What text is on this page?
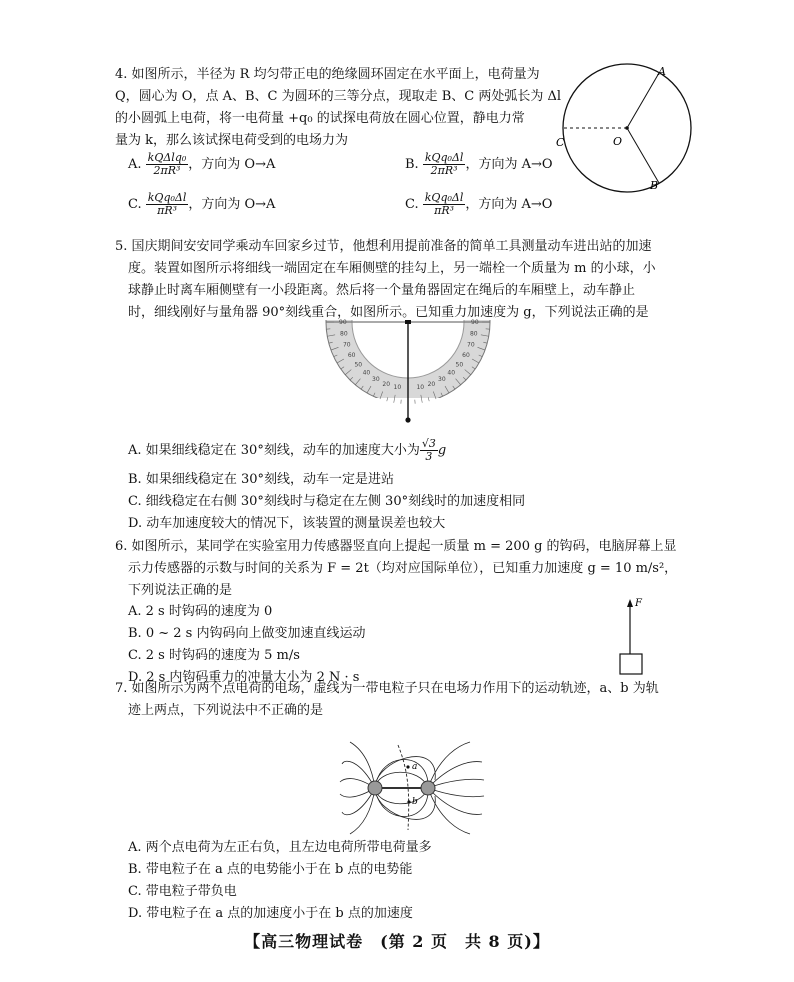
4. 如图所示，半径为 R 均匀带正电的绝缘圆环固定在水平面上，电荷量为
Q，圆心为 O，点 A、B、C 为圆环的三等分点，现取走 B、C 两处弧长为 Δl
的小圆弧上电荷，将一电荷量 +q₀ 的试探电荷放在圆心位置，静电力常
量为 k，那么该试探电荷受到的电场力为
A. $\frac{\text{kQΔlq₀}}{\text{2πR³}}$ ，方向为 O→A	B. $\frac{\text{kQq₀Δl}}{\text{2πR³}}$ ，方向为 A→O
C. $\frac{\text{kQq₀Δl}}{\text{πR³}}$ ，方向为 O→A	C. $\frac{\text{kQq₀Δl}}{\text{πR³}}$ ，方向为 A→O
A
B
C	O
5. 国庆期间安安同学乘动车回家乡过节，他想利用提前准备的简单工具测量动车进出站的加速
度。装置如图所示将细线一端固定在车厢侧壁的挂勾上，另一端栓一个质量为 m 的小球，小
球静止时离车厢侧壁有一小段距离。然后将一个量角器固定在绳后的车厢壁上，动车静止
时，细线刚好与量角器 90°刻线重合，如图所示。已知重力加速度为 g，下列说法正确的是
10
10	20
20
30
30
40
40
50
50
60
60
70
70
80
80
90
90
A. 如果细线稳定在 30°刻线，动车的加速度大小为 $\frac{√3}{3}$ g
B. 如果细线稳定在 30°刻线，动车一定是进站
C. 细线稳定在右侧 30°刻线时与稳定在左侧 30°刻线时的加速度相同
D. 动车加速度较大的情况下，该装置的测量误差也较大
6. 如图所示，某同学在实验室用力传感器竖直向上提起一质量 m = 200 g 的钩码，电脑屏幕上显
示力传感器的示数与时间的关系为 F = 2t（均对应国际单位），已知重力加速度 g = 10 m/s²，
下列说法正确的是
A. 2 s 时钩码的速度为 0
B. 0 ~ 2 s 内钩码向上做变加速直线运动
C. 2 s 时钩码的速度为 5 m/s
D. 2 s 内钩码重力的冲量大小为 2 N · s
F
7. 如图所示为两个点电荷的电场，虚线为一带电粒子只在电场力作用下的运动轨迹，a、b 为轨
迹上两点，下列说法中不正确的是
a
b
A. 两个点电荷为左正右负，且左边电荷所带电荷量多
B. 带电粒子在 a 点的电势能小于在 b 点的电势能
C. 带电粒子带负电
D. 带电粒子在 a 点的加速度小于在 b 点的加速度
【高三物理试卷　(第 2 页　共 8 页)】
